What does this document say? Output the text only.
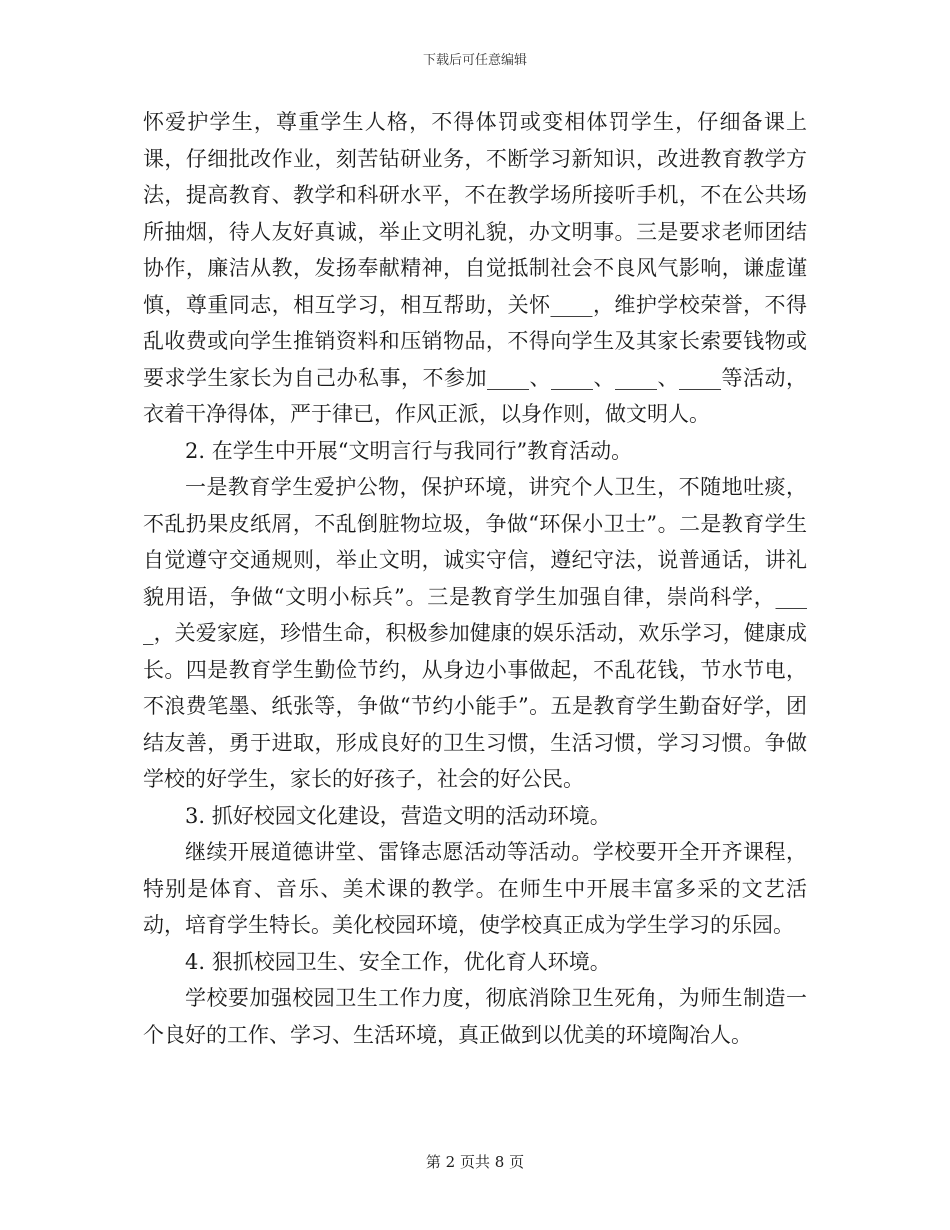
下载后可任意编辑

怀爱护学生，尊重学生人格，不得体罚或变相体罚学生，仔细备课上课，仔细批改作业，刻苦钻研业务，不断学习新知识，改进教育教学方法，提高教育、教学和科研水平，不在教学场所接听手机，不在公共场所抽烟，待人友好真诚，举止文明礼貌，办文明事。三是要求老师团结协作，廉洁从教，发扬奉献精神，自觉抵制社会不良风气影响，谦虚谨慎，尊重同志，相互学习，相互帮助，关怀____，维护学校荣誉，不得乱收费或向学生推销资料和压销物品，不得向学生及其家长索要钱物或要求学生家长为自己办私事，不参加____、____、____、____等活动，衣着干净得体，严于律已，作风正派，以身作则，做文明人。

2. 在学生中开展“文明言行与我同行”教育活动。

一是教育学生爱护公物，保护环境，讲究个人卫生，不随地吐痰，不乱扔果皮纸屑，不乱倒脏物垃圾，争做“环保小卫士”。二是教育学生自觉遵守交通规则，举止文明，诚实守信，遵纪守法，说普通话，讲礼貌用语，争做“文明小标兵”。三是教育学生加强自律，崇尚科学，____，关爱家庭，珍惜生命，积极参加健康的娱乐活动，欢乐学习，健康成长。四是教育学生勤俭节约，从身边小事做起，不乱花钱，节水节电，不浪费笔墨、纸张等，争做“节约小能手”。五是教育学生勤奋好学，团结友善，勇于进取，形成良好的卫生习惯，生活习惯，学习习惯。争做学校的好学生，家长的好孩子，社会的好公民。

3. 抓好校园文化建设，营造文明的活动环境。

继续开展道德讲堂、雷锋志愿活动等活动。学校要开全开齐课程，特别是体育、音乐、美术课的教学。在师生中开展丰富多采的文艺活动，培育学生特长。美化校园环境，使学校真正成为学生学习的乐园。

4. 狠抓校园卫生、安全工作，优化育人环境。

学校要加强校园卫生工作力度，彻底消除卫生死角，为师生制造一个良好的工作、学习、生活环境，真正做到以优美的环境陶冶人。

第 2 页共 8 页
